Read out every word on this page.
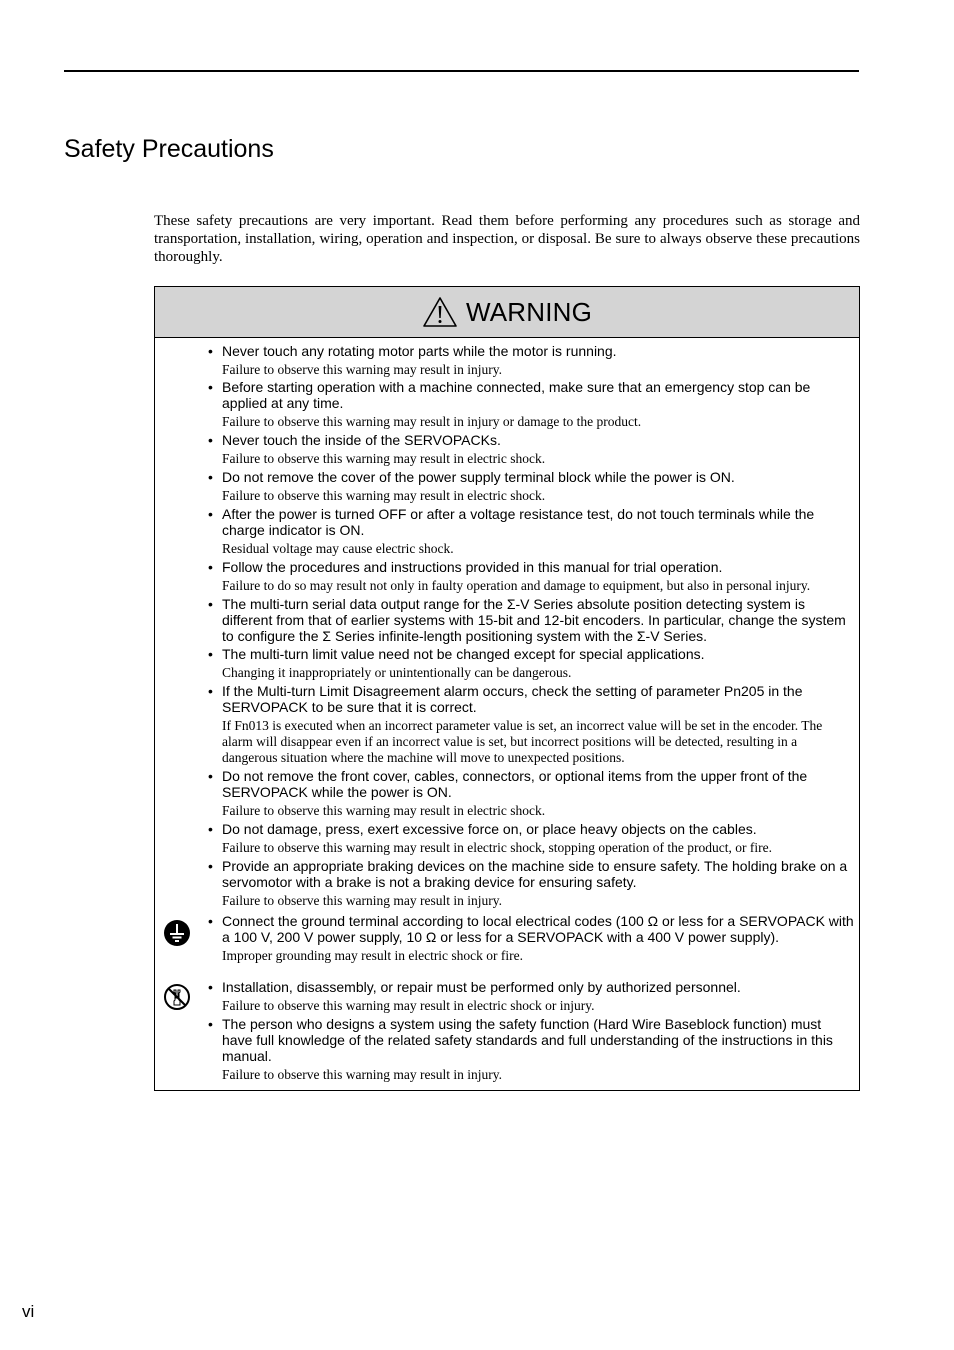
Safety Precautions

These safety precautions are very important. Read them before performing any procedures such as storage and transportation, installation, wiring, operation and inspection, or disposal. Be sure to always observe these precautions thoroughly.

WARNING
• Never touch any rotating motor parts while the motor is running.
Failure to observe this warning may result in injury.
• Before starting operation with a machine connected, make sure that an emergency stop can be applied at any time.
Failure to observe this warning may result in injury or damage to the product.
• Never touch the inside of the SERVOPACKs.
Failure to observe this warning may result in electric shock.
• Do not remove the cover of the power supply terminal block while the power is ON.
Failure to observe this warning may result in electric shock.
• After the power is turned OFF or after a voltage resistance test, do not touch terminals while the charge indicator is ON.
Residual voltage may cause electric shock.
• Follow the procedures and instructions provided in this manual for trial operation.
Failure to do so may result not only in faulty operation and damage to equipment, but also in personal injury.
• The multi-turn serial data output range for the Σ-V Series absolute position detecting system is different from that of earlier systems with 15-bit and 12-bit encoders. In particular, change the system to configure the Σ Series infinite-length positioning system with the Σ-V Series.
• The multi-turn limit value need not be changed except for special applications.
Changing it inappropriately or unintentionally can be dangerous.
• If the Multi-turn Limit Disagreement alarm occurs, check the setting of parameter Pn205 in the SERVOPACK to be sure that it is correct.
If Fn013 is executed when an incorrect parameter value is set, an incorrect value will be set in the encoder. The alarm will disappear even if an incorrect value is set, but incorrect positions will be detected, resulting in a dangerous situation where the machine will move to unexpected positions.
• Do not remove the front cover, cables, connectors, or optional items from the upper front of the SERVOPACK while the power is ON.
Failure to observe this warning may result in electric shock.
• Do not damage, press, exert excessive force on, or place heavy objects on the cables.
Failure to observe this warning may result in electric shock, stopping operation of the product, or fire.
• Provide an appropriate braking devices on the machine side to ensure safety. The holding brake on a servomotor with a brake is not a braking device for ensuring safety.
Failure to observe this warning may result in injury.
• Connect the ground terminal according to local electrical codes (100 Ω or less for a SERVOPACK with a 100 V, 200 V power supply, 10 Ω or less for a SERVOPACK with a 400 V power supply).
Improper grounding may result in electric shock or fire.
• Installation, disassembly, or repair must be performed only by authorized personnel.
Failure to observe this warning may result in electric shock or injury.
• The person who designs a system using the safety function (Hard Wire Baseblock function) must have full knowledge of the related safety standards and full understanding of the instructions in this manual.
Failure to observe this warning may result in injury.
vi
